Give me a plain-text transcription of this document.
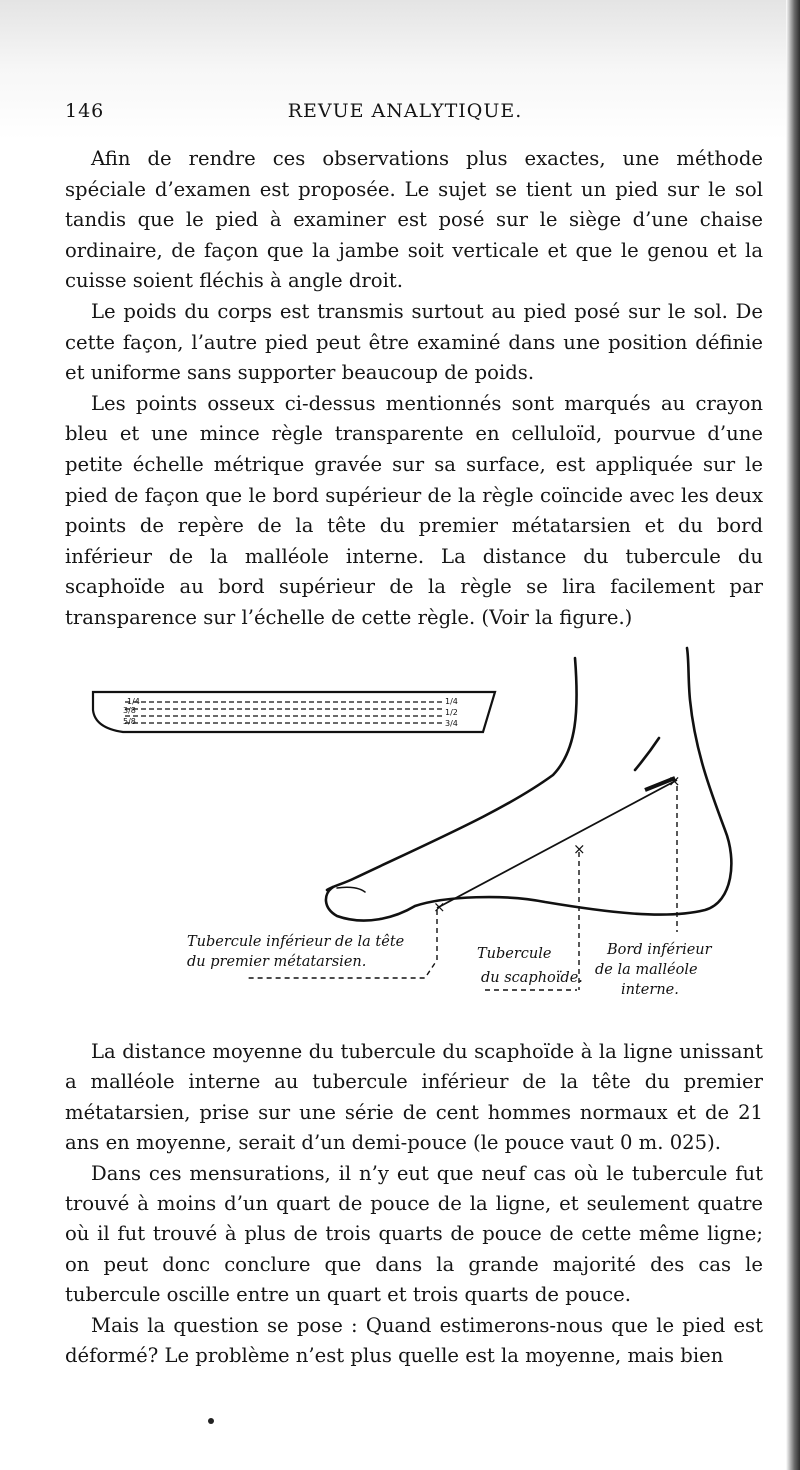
146	REVUE ANALYTIQUE.

Afin de rendre ces observations plus exactes, une méthode spéciale d’examen est proposée. Le sujet se tient un pied sur le sol tandis que le pied à examiner est posé sur le siège d’une chaise ordinaire, de façon que la jambe soit verticale et que le genou et la cuisse soient fléchis à angle droit.

Le poids du corps est transmis surtout au pied posé sur le sol. De cette façon, l’autre pied peut être examiné dans une position définie et uniforme sans supporter beaucoup de poids.

Les points osseux ci-dessus mentionnés sont marqués au crayon bleu et une mince règle transparente en celluloïd, pourvue d’une petite échelle métrique gravée sur sa surface, est appliquée sur le pied de façon que le bord supérieur de la règle coïncide avec les deux points de repère de la tête du premier métatarsien et du bord inférieur de la malléole interne. La distance du tubercule du scaphoïde au bord supérieur de la règle se lira facilement par transparence sur l’échelle de cette règle. (Voir la figure.)

1/4
3/8
5/8
1/4
1/2
3/4
×
×
×
Tubercule inférieur de la tête
du premier métatarsien.	Tubercule
du scaphoïde.
Bord inférieur
de la malléole
interne.

La distance moyenne du tubercule du scaphoïde à la ligne unissant a malléole interne au tubercule inférieur de la tête du premier métatarsien, prise sur une série de cent hommes normaux et de 21 ans en moyenne, serait d’un demi-pouce (le pouce vaut 0 m. 025).

Dans ces mensurations, il n’y eut que neuf cas où le tubercule fut trouvé à moins d’un quart de pouce de la ligne, et seulement quatre où il fut trouvé à plus de trois quarts de pouce de cette même ligne; on peut donc conclure que dans la grande majorité des cas le tubercule oscille entre un quart et trois quarts de pouce.

Mais la question se pose : Quand estimerons-nous que le pied est déformé? Le problème n’est plus quelle est la moyenne, mais bien
